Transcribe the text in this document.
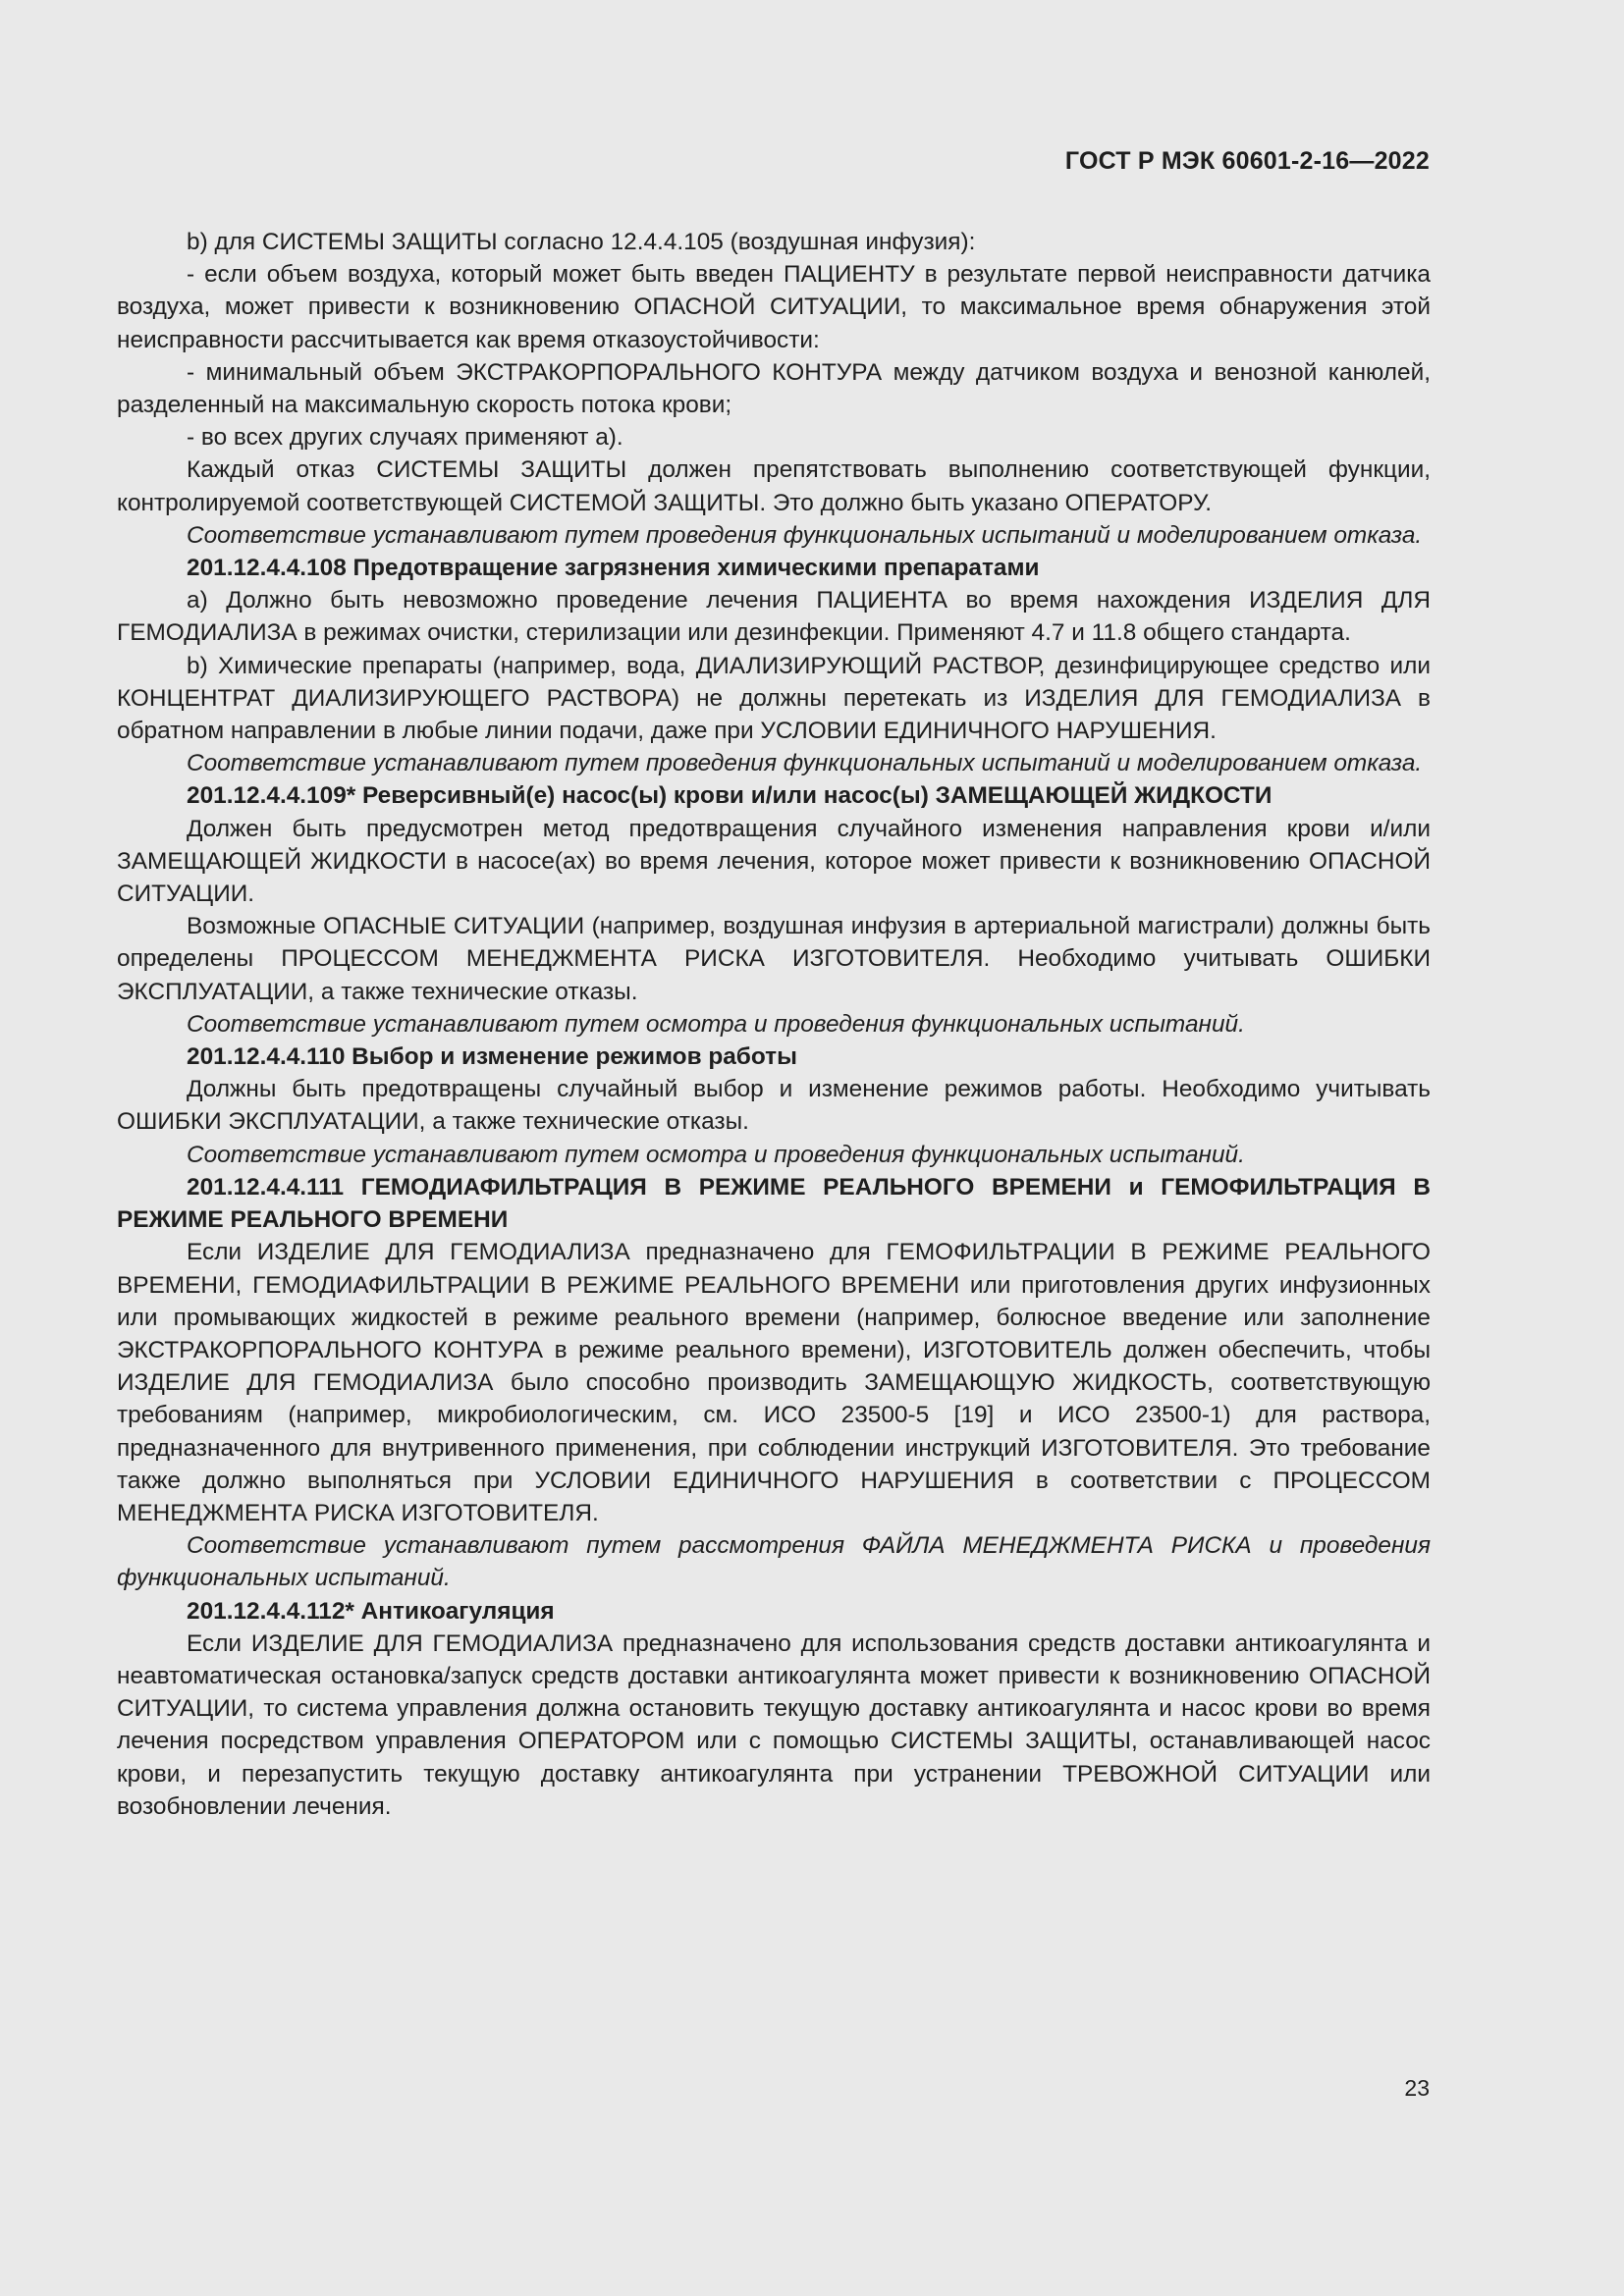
ГОСТ Р МЭК 60601-2-16—2022

b) для СИСТЕМЫ ЗАЩИТЫ согласно 12.4.4.105 (воздушная инфузия):

- если объем воздуха, который может быть введен ПАЦИЕНТУ в результате первой неисправности датчика воздуха, может привести к возникновению ОПАСНОЙ СИТУАЦИИ, то максимальное время обнаружения этой неисправности рассчитывается как время отказоустойчивости:

- минимальный объем ЭКСТРАКОРПОРАЛЬНОГО КОНТУРА между датчиком воздуха и венозной канюлей, разделенный на максимальную скорость потока крови;

- во всех других случаях применяют а).

Каждый отказ СИСТЕМЫ ЗАЩИТЫ должен препятствовать выполнению соответствующей функции, контролируемой соответствующей СИСТЕМОЙ ЗАЩИТЫ. Это должно быть указано ОПЕРАТОРУ.

Соответствие устанавливают путем проведения функциональных испытаний и моделированием отказа.

201.12.4.4.108 Предотвращение загрязнения химическими препаратами

а) Должно быть невозможно проведение лечения ПАЦИЕНТА во время нахождения ИЗДЕЛИЯ ДЛЯ ГЕМОДИАЛИЗА в режимах очистки, стерилизации или дезинфекции. Применяют 4.7 и 11.8 общего стандарта.

b) Химические препараты (например, вода, ДИАЛИЗИРУЮЩИЙ РАСТВОР, дезинфицирующее средство или КОНЦЕНТРАТ ДИАЛИЗИРУЮЩЕГО РАСТВОРА) не должны перетекать из ИЗДЕЛИЯ ДЛЯ ГЕМОДИАЛИЗА в обратном направлении в любые линии подачи, даже при УСЛОВИИ ЕДИНИЧНОГО НАРУШЕНИЯ.

Соответствие устанавливают путем проведения функциональных испытаний и моделированием отказа.

201.12.4.4.109* Реверсивный(е) насос(ы) крови и/или насос(ы) ЗАМЕЩАЮЩЕЙ ЖИДКОСТИ

Должен быть предусмотрен метод предотвращения случайного изменения направления крови и/или ЗАМЕЩАЮЩЕЙ ЖИДКОСТИ в насосе(ах) во время лечения, которое может привести к возникновению ОПАСНОЙ СИТУАЦИИ.

Возможные ОПАСНЫЕ СИТУАЦИИ (например, воздушная инфузия в артериальной магистрали) должны быть определены ПРОЦЕССОМ МЕНЕДЖМЕНТА РИСКА ИЗГОТОВИТЕЛЯ. Необходимо учитывать ОШИБКИ ЭКСПЛУАТАЦИИ, а также технические отказы.

Соответствие устанавливают путем осмотра и проведения функциональных испытаний.

201.12.4.4.110 Выбор и изменение режимов работы

Должны быть предотвращены случайный выбор и изменение режимов работы. Необходимо учитывать ОШИБКИ ЭКСПЛУАТАЦИИ, а также технические отказы.

Соответствие устанавливают путем осмотра и проведения функциональных испытаний.

201.12.4.4.111 ГЕМОДИАФИЛЬТРАЦИЯ В РЕЖИМЕ РЕАЛЬНОГО ВРЕМЕНИ и ГЕМОФИЛЬТРАЦИЯ В РЕЖИМЕ РЕАЛЬНОГО ВРЕМЕНИ

Если ИЗДЕЛИЕ ДЛЯ ГЕМОДИАЛИЗА предназначено для ГЕМОФИЛЬТРАЦИИ В РЕЖИМЕ РЕАЛЬНОГО ВРЕМЕНИ, ГЕМОДИАФИЛЬТРАЦИИ В РЕЖИМЕ РЕАЛЬНОГО ВРЕМЕНИ или приготовления других инфузионных или промывающих жидкостей в режиме реального времени (например, болюсное введение или заполнение ЭКСТРАКОРПОРАЛЬНОГО КОНТУРА в режиме реального времени), ИЗГОТОВИТЕЛЬ должен обеспечить, чтобы ИЗДЕЛИЕ ДЛЯ ГЕМОДИАЛИЗА было способно производить ЗАМЕЩАЮЩУЮ ЖИДКОСТЬ, соответствующую требованиям (например, микробиологическим, см. ИСО 23500-5 [19] и ИСО 23500-1) для раствора, предназначенного для внутривенного применения, при соблюдении инструкций ИЗГОТОВИТЕЛЯ. Это требование также должно выполняться при УСЛОВИИ ЕДИНИЧНОГО НАРУШЕНИЯ в соответствии с ПРОЦЕССОМ МЕНЕДЖМЕНТА РИСКА ИЗГОТОВИТЕЛЯ.

Соответствие устанавливают путем рассмотрения ФАЙЛА МЕНЕДЖМЕНТА РИСКА и проведения функциональных испытаний.

201.12.4.4.112* Антикоагуляция

Если ИЗДЕЛИЕ ДЛЯ ГЕМОДИАЛИЗА предназначено для использования средств доставки антикоагулянта и неавтоматическая остановка/запуск средств доставки антикоагулянта может привести к возникновению ОПАСНОЙ СИТУАЦИИ, то система управления должна остановить текущую доставку антикоагулянта и насос крови во время лечения посредством управления ОПЕРАТОРОМ или с помощью СИСТЕМЫ ЗАЩИТЫ, останавливающей насос крови, и перезапустить текущую доставку антикоагулянта при устранении ТРЕВОЖНОЙ СИТУАЦИИ или возобновлении лечения.

23
